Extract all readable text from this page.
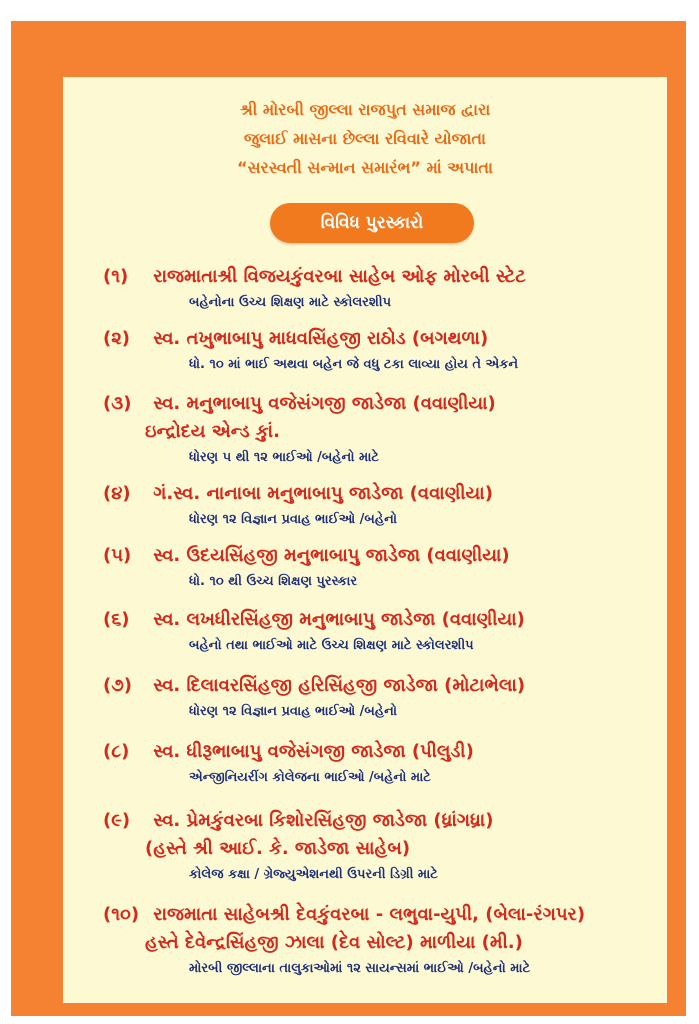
શ્રી મોરબી જીલ્લા રાજપુત સમાજ દ્વારા
જુલાઈ માસના છેલ્લા રવિવારે યોજાતા
“સરસ્વતી સન્માન સમારંભ” માં અપાતા
વિવિધ પુરસ્કારો
(૧) રાજમાતાશ્રી વિજયકુંવરબા સાહેબ ઓફ મોરબી સ્ટેટ
બહેનોના ઉચ્ચ શિક્ષણ માટે સ્કોલરશીપ
(૨) સ્વ. તખુભાબાપુ માધવસિંહજી રાઠોડ (બગથળા)
ધો. ૧૦ માં ભાઈ અથવા બહેન જે વધુ ટકા લાવ્યા હોય તે એકને
(૩) સ્વ. મનુભાબાપુ વજેસંગજી જાડેજા (વવાણીયા)
ઇન્દ્રોદય એન્ડ કાું.
ધોરણ ૫ થી ૧૨ ભાઈઓ /બહેનો માટે
(૪) ગં.સ્વ. નાનાબા મનુભાબાપુ જાડેજા (વવાણીયા)
ધોરણ ૧૨ વિજ્ઞાન પ્રવાહ ભાઈઓ /બહેનો
(૫) સ્વ. ઉદયસિંહજી મનુભાબાપુ જાડેજા (વવાણીયા)
ધો. ૧૦ થી ઉચ્ચ શિક્ષણ પુરસ્કાર
(૬) સ્વ. લખધીરસિંહજી મનુભાબાપુ જાડેજા (વવાણીયા)
બહેનો તથા ભાઈઓ માટે ઉચ્ચ શિક્ષણ માટે સ્કોલરશીપ
(૭) સ્વ. દિલાવરસિંહજી હરિસિંહજી જાડેજા (મોટાભેલા)
ધોરણ ૧૨ વિજ્ઞાન પ્રવાહ ભાઈઓ /બહેનો
(૮) સ્વ. ધીરૂભાબાપુ વજેસંગજી જાડેજા (પીલુડી)
એન્જીનિયરીંગ કોલેજના ભાઈઓ /બહેનો માટે
(૯) સ્વ. પ્રેમકુંવરબા કિશોરસિંહજી જાડેજા (ધ્રાંગધ્રા)
(હસ્તે શ્રી આઈ. કે. જાડેજા સાહેબ)
કોલેજ કક્ષા / ગ્રેજ્યુએશનથી ઉપરની ડિગ્રી માટે
(૧૦) રાજમાતા સાહેબશ્રી દેવકુંવરબા - લભુવા-યુપી, (બેલા-રંગપર)
હસ્તે દેવેન્દ્રસિંહજી ઝાલા (દેવ સોલ્ટ) માળીયા (મી.)
મોરબી જીલ્લાના તાલુકાઓમાં ૧૨ સાયન્સમાં ભાઈઓ /બહેનો માટે
